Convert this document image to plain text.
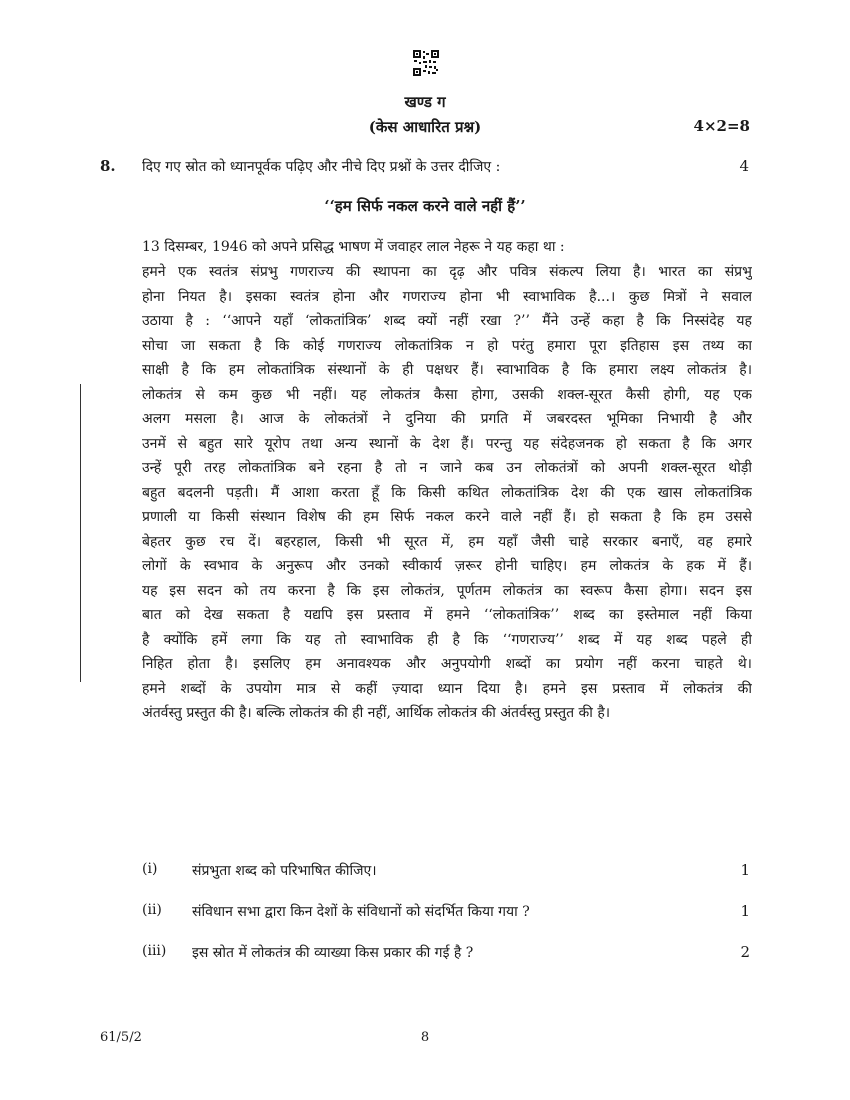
खण्ड ग
(केस आधारित प्रश्न)	4×2=8
8. दिए गए स्रोत को ध्यानपूर्वक पढ़िए और नीचे दिए प्रश्नों के उत्तर दीजिए :	4
‘‘हम सिर्फ नकल करने वाले नहीं हैं’’
13 दिसम्बर, 1946 को अपने प्रसिद्ध भाषण में जवाहर लाल नेहरू ने यह कहा था :
हमने एक स्वतंत्र संप्रभु गणराज्य की स्थापना का दृढ़ और पवित्र संकल्प लिया है। भारत का संप्रभु
होना नियत है। इसका स्वतंत्र होना और गणराज्य होना भी स्वाभाविक है...। कुछ मित्रों ने सवाल
उठाया है : ‘‘आपने यहाँ ‘लोकतांत्रिक’ शब्द क्यों नहीं रखा ?’’ मैंने उन्हें कहा है कि निस्संदेह यह
सोचा जा सकता है कि कोई गणराज्य लोकतांत्रिक न हो परंतु हमारा पूरा इतिहास इस तथ्य का
साक्षी है कि हम लोकतांत्रिक संस्थानों के ही पक्षधर हैं। स्वाभाविक है कि हमारा लक्ष्य लोकतंत्र है।
लोकतंत्र से कम कुछ भी नहीं। यह लोकतंत्र कैसा होगा, उसकी शक्ल-सूरत कैसी होगी, यह एक
अलग मसला है। आज के लोकतंत्रों ने दुनिया की प्रगति में जबरदस्त भूमिका निभायी है और
उनमें से बहुत सारे यूरोप तथा अन्य स्थानों के देश हैं। परन्तु यह संदेहजनक हो सकता है कि अगर
उन्हें पूरी तरह लोकतांत्रिक बने रहना है तो न जाने कब उन लोकतंत्रों को अपनी शक्ल-सूरत थोड़ी
बहुत बदलनी पड़ती। मैं आशा करता हूँ कि किसी कथित लोकतांत्रिक देश की एक खास लोकतांत्रिक
प्रणाली या किसी संस्थान विशेष की हम सिर्फ नकल करने वाले नहीं हैं। हो सकता है कि हम उससे
बेहतर कुछ रच दें। बहरहाल, किसी भी सूरत में, हम यहाँ जैसी चाहे सरकार बनाएँ, वह हमारे
लोगों के स्वभाव के अनुरूप और उनको स्वीकार्य ज़रूर होनी चाहिए। हम लोकतंत्र के हक में हैं।
यह इस सदन को तय करना है कि इस लोकतंत्र, पूर्णतम लोकतंत्र का स्वरूप कैसा होगा। सदन इस
बात को देख सकता है यद्यपि इस प्रस्ताव में हमने ‘‘लोकतांत्रिक’’ शब्द का इस्तेमाल नहीं किया
है क्योंकि हमें लगा कि यह तो स्वाभाविक ही है कि ‘‘गणराज्य’’ शब्द में यह शब्द पहले ही
निहित होता है। इसलिए हम अनावश्यक और अनुपयोगी शब्दों का प्रयोग नहीं करना चाहते थे।
हमने शब्दों के उपयोग मात्र से कहीं ज़्यादा ध्यान दिया है। हमने इस प्रस्ताव में लोकतंत्र की
अंतर्वस्तु प्रस्तुत की है। बल्कि लोकतंत्र की ही नहीं, आर्थिक लोकतंत्र की अंतर्वस्तु प्रस्तुत की है।
(i) संप्रभुता शब्द को परिभाषित कीजिए।	1
(ii) संविधान सभा द्वारा किन देशों के संविधानों को संदर्भित किया गया ?	1
(iii) इस स्रोत में लोकतंत्र की व्याख्या किस प्रकार की गई है ?	2
61/5/2	8
